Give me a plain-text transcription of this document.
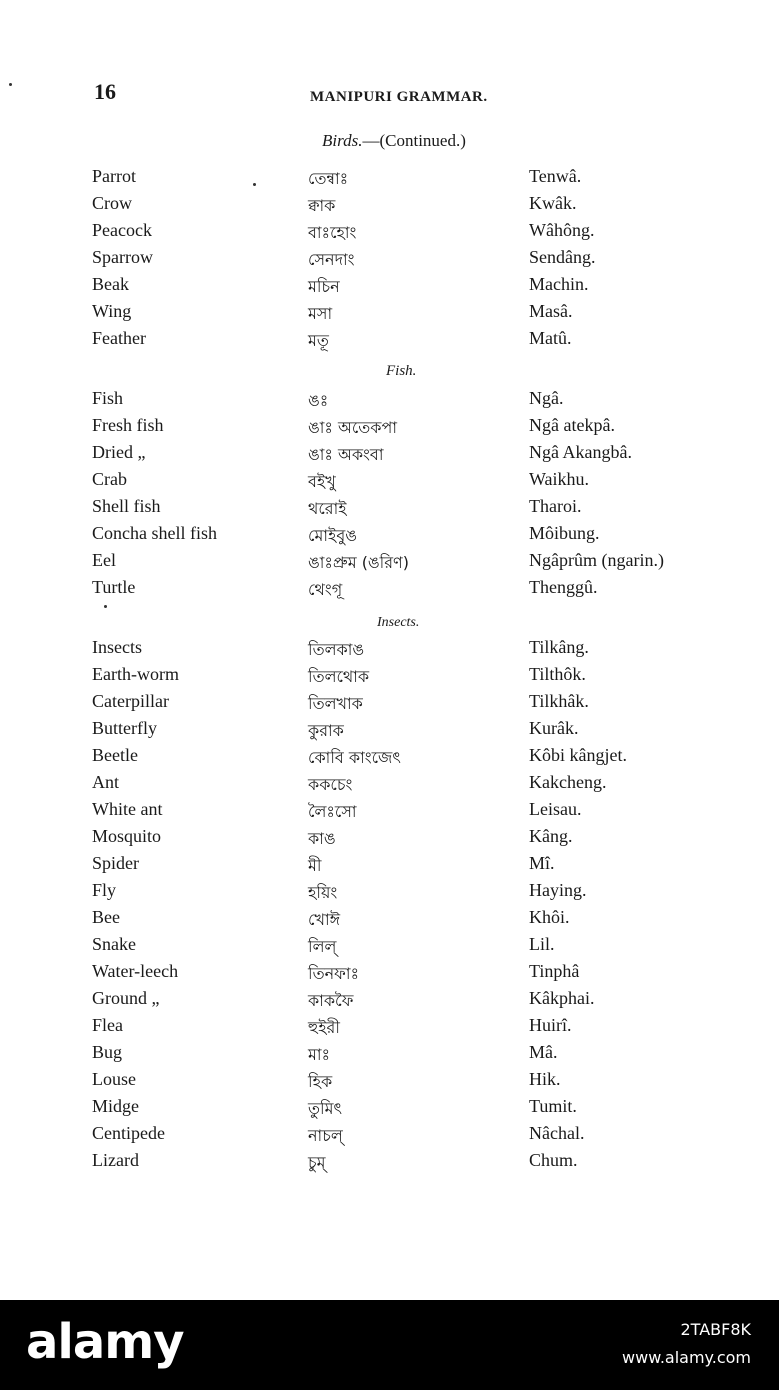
16	MANIPURI GRAMMAR.
Birds.—(Continued.)
Parrot	তেন্বাঃ	Tenwâ.
Crow	ক্বাক	Kwâk.
Peacock	বাঃহোং	Wâhông.
Sparrow	সেনদাং	Sendâng.
Beak	মচিন	Machin.
Wing	মসা	Masâ.
Feather	মতূ	Matû.
Fish.
Fish	ঙঃ	Ngâ.
Fresh fish	ঙাঃ অতেকপা	Ngâ atekpâ.
Dried „	ঙাঃ অকংবা	Ngâ Akangbâ.
Crab	বইখু	Waikhu.
Shell fish	থরোই	Tharoi.
Concha shell fish	মোইবুঙ	Môibung.
Eel	ঙাঃপ্রুম (ঙরিণ)	Ngâprûm (ngarin.)
Turtle	থেংগূ	Thenggû.
Insects.
Insects	তিলকাঙ	Tilkâng.
Earth-worm	তিলথোক	Tilthôk.
Caterpillar	তিলখাক	Tilkhâk.
Butterfly	কুরাক	Kurâk.
Beetle	কোবি কাংজেৎ	Kôbi kângjet.
Ant	ককচেং	Kakcheng.
White ant	লৈঃসো	Leisau.
Mosquito	কাঙ	Kâng.
Spider	মী	Mî.
Fly	হয়িং	Haying.
Bee	খোঈ	Khôi.
Snake	লিল্	Lil.
Water-leech	তিনফাঃ	Tinphâ
Ground „	কাকফৈ	Kâkphai.
Flea	হুইরী	Huirî.
Bug	মাঃ	Mâ.
Louse	হিক	Hik.
Midge	তুমিৎ	Tumit.
Centipede	নাচল্	Nâchal.
Lizard	চুম্	Chum.
alamy	2TABF8K
www.alamy.com
